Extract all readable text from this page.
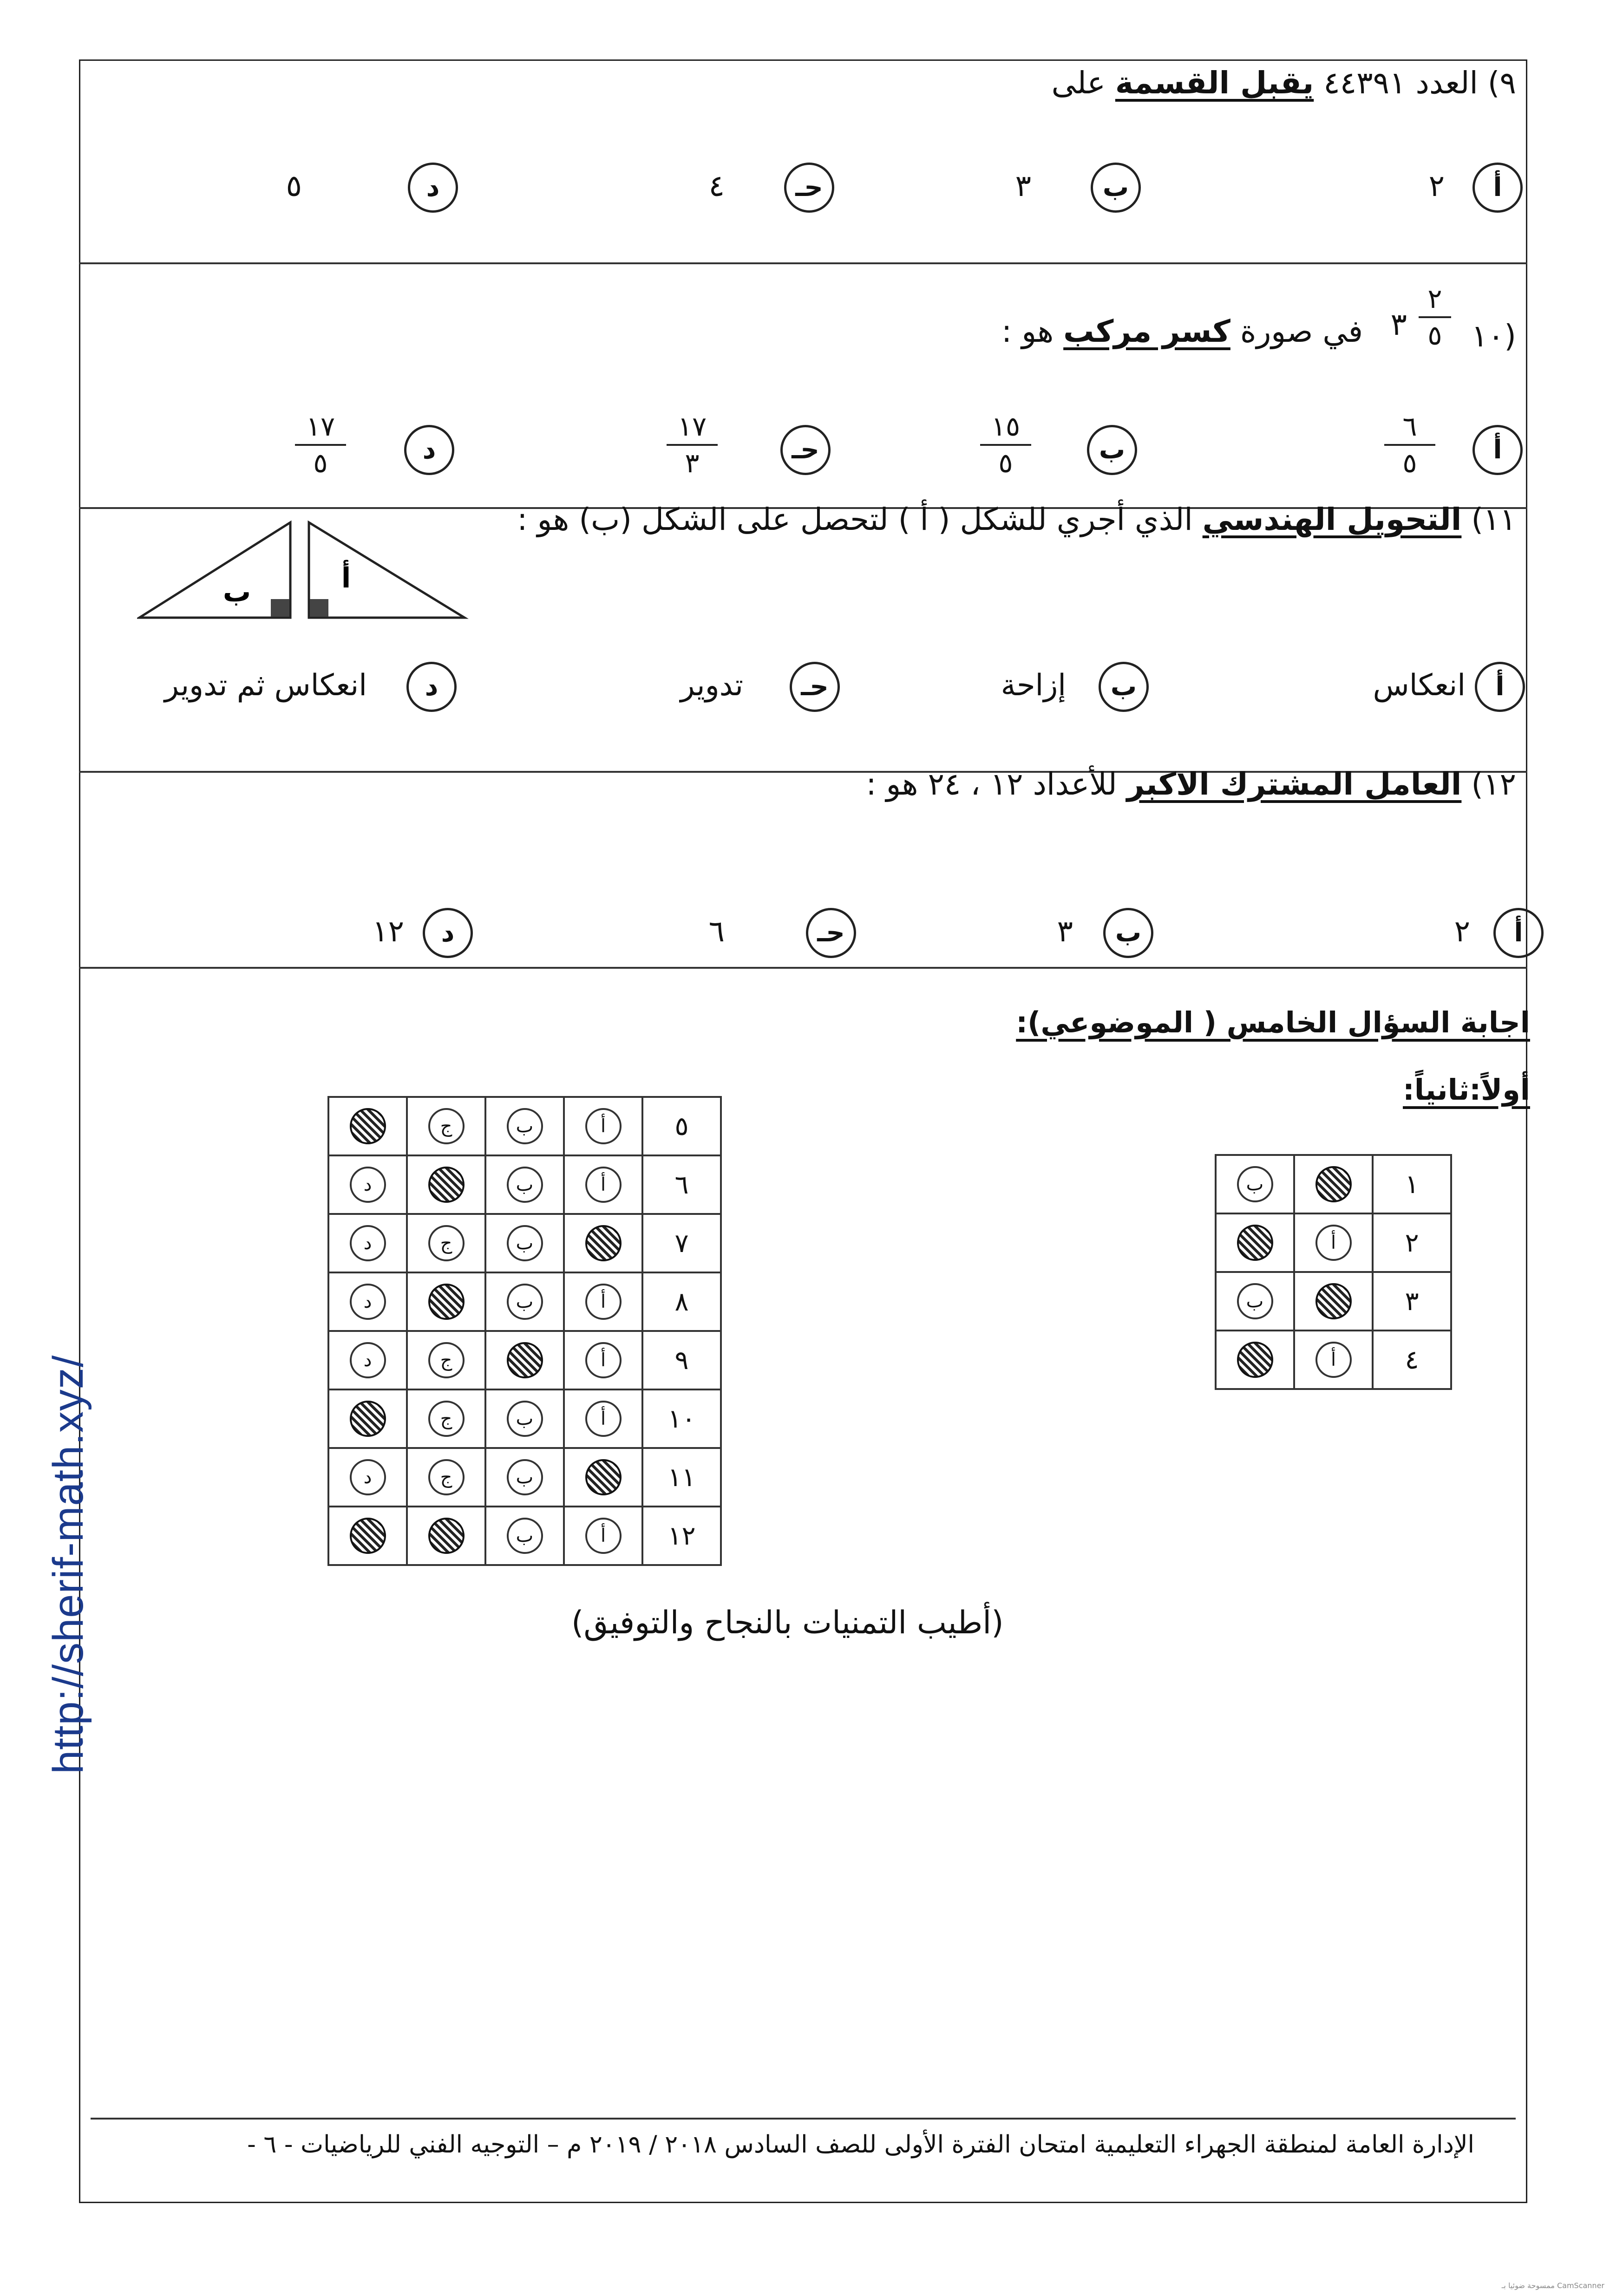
http://sherif-math.xyz/
٩) العدد ٤٤٣٩١ يقبل القسمة على
أ
٢
ب
٣
حـ
٤
د
٥
١٠)
٢
٥
٣
في صورة كسر مركب هو :
أ
٦
٥
ب
١٥
٥
حـ
١٧
٣
د
١٧
٥
١١) التحويل الهندسي الذي أجري للشكل ( أ ) لتحصل على الشكل (ب) هو :
ب	أ
أ
انعكاس
ب
إزاحة
حـ
تدوير
د
انعكاس ثم تدوير
١٢) العامل المشترك الاكبر للأعداد ١٢ ، ٢٤ هو :
أ
٢
ب
٣
حـ
٦
د
١٢
اجابة السؤال الخامس ( الموضوعي):
أولاً:ثانياً:
١		ب
٢	أ	
٣		ب
٤	أ	
٥	أ	ب	ج	
٦	أ	ب		د
٧		ب	ج	د
٨	أ	ب		د
٩	أ		ج	د
١٠	أ	ب	ج	
١١		ب	ج	د
١٢	أ	ب		
(أطيب التمنيات بالنجاح والتوفيق)
الإدارة العامة لمنطقة الجهراء التعليمية امتحان الفترة الأولى للصف السادس ٢٠١٨ / ٢٠١٩ م – التوجيه الفني للرياضيات - ٦ -
CamScanner ممسوحة ضوئيا بـ
